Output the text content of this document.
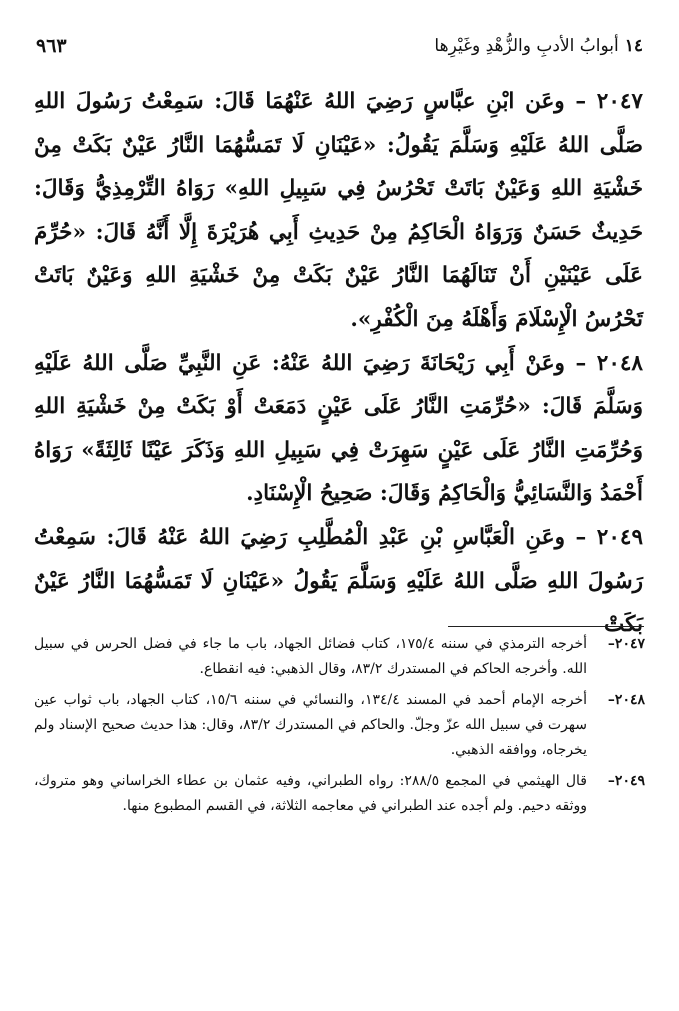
١٤
أبوابُ الأدبِ والزُّهْدِ وغَيْرِها
٩٦٣

٢٠٤٧ – وعَن ابْنِ عبَّاسٍ رَضِيَ اللهُ عَنْهُمَا قَالَ: سَمِعْتُ رَسُولَ اللهِ صَلَّى اللهُ عَلَيْهِ وَسَلَّمَ يَقُولُ: «عَيْنَانِ لَا تَمَسُّهُمَا النَّارُ عَيْنٌ بَكَتْ مِنْ خَشْيَةِ اللهِ وَعَيْنٌ بَاتَتْ تَحْرُسُ فِي سَبِيلِ اللهِ» رَوَاهُ التِّرْمِذِيُّ وَقَالَ: حَدِيثٌ حَسَنٌ وَرَوَاهُ الْحَاكِمُ مِنْ حَدِيثِ أَبِي هُرَيْرَةَ إِلَّا أَنَّهُ قَالَ: «حُرِّمَ عَلَى عَيْنَيْنِ أَنْ تَنَالَهُمَا النَّارُ عَيْنٌ بَكَتْ مِنْ خَشْيَةِ اللهِ وَعَيْنٌ بَاتَتْ تَحْرُسُ الْإِسْلَامَ وَأَهْلَهُ مِنَ الْكُفْرِ».

٢٠٤٨ – وعَنْ أَبِي رَيْحَانَةَ رَضِيَ اللهُ عَنْهُ: عَنِ النَّبِيِّ صَلَّى اللهُ عَلَيْهِ وَسَلَّمَ قَالَ: «حُرِّمَتِ النَّارُ عَلَى عَيْنٍ دَمَعَتْ أَوْ بَكَتْ مِنْ خَشْيَةِ اللهِ وَحُرِّمَتِ النَّارُ عَلَى عَيْنٍ سَهِرَتْ فِي سَبِيلِ اللهِ وَذَكَرَ عَيْنًا ثَالِثَةً» رَوَاهُ أَحْمَدُ وَالنَّسَائِيُّ وَالْحَاكِمُ وَقَالَ: صَحِيحُ الْإِسْنَادِ.

٢٠٤٩ – وعَنِ الْعَبَّاسِ بْنِ عَبْدِ الْمُطَّلِبِ رَضِيَ اللهُ عَنْهُ قَالَ: سَمِعْتُ رَسُولَ اللهِ صَلَّى اللهُ عَلَيْهِ وَسَلَّمَ يَقُولُ «عَيْنَانِ لَا تَمَسُّهُمَا النَّارُ عَيْنٌ بَكَتْ

٢٠٤٧–
أخرجه الترمذي في سننه ١٧٥/٤، كتاب فضائل الجهاد، باب ما جاء في فضل الحرس في سبيل الله. وأخرجه الحاكم في المستدرك ٨٣/٢، وقال الذهبي: فيه انقطاع.
٢٠٤٨–
أخرجه الإمام أحمد في المسند ١٣٤/٤، والنسائي في سننه ١٥/٦، كتاب الجهاد، باب ثواب عين سهرت في سبيل الله عزّ وجلّ. والحاكم في المستدرك ٨٣/٢، وقال: هذا حديث صحيح الإسناد ولم يخرجاه، ووافقه الذهبي.
٢٠٤٩–
قال الهيثمي في المجمع ٢٨٨/٥: رواه الطبراني، وفيه عثمان بن عطاء الخراساني وهو متروك، ووثقه دحيم. ولم أجده عند الطبراني في معاجمه الثلاثة، في القسم المطبوع منها.
